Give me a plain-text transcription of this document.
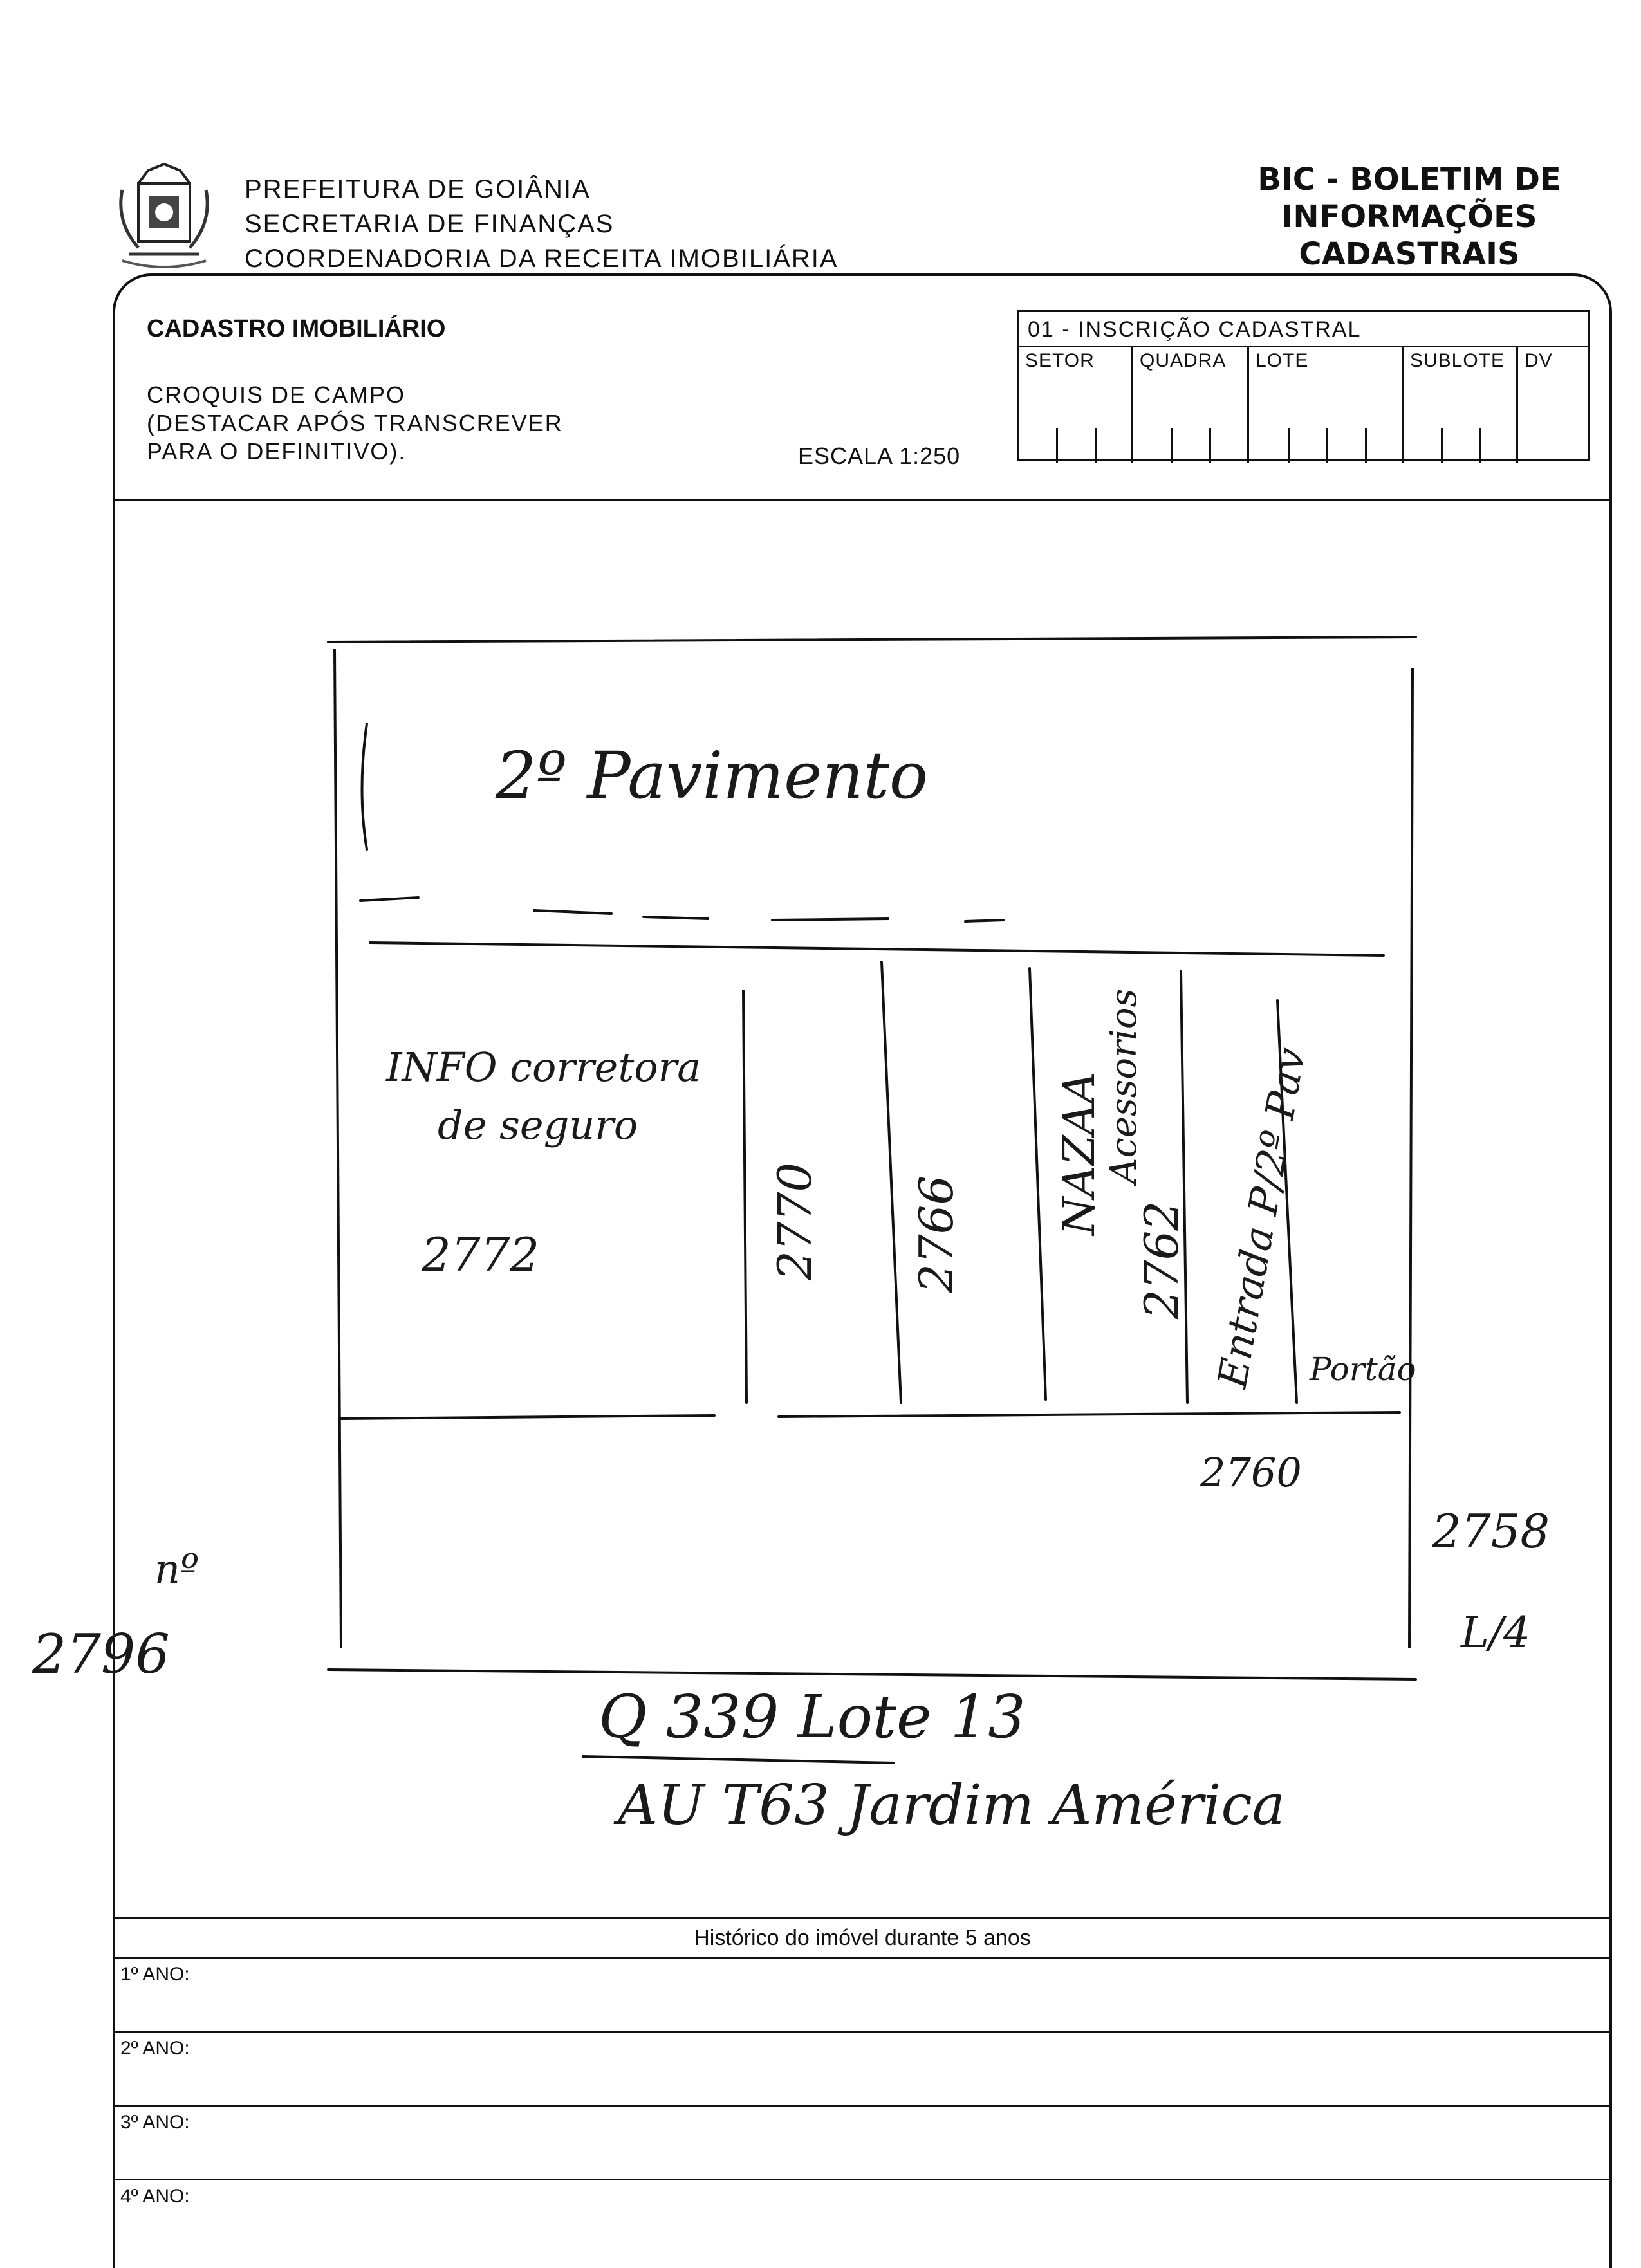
PREFEITURA DE GOIÂNIA
SECRETARIA DE FINANÇAS
COORDENADORIA DA RECEITA IMOBILIÁRIA
BIC - BOLETIM DE
INFORMAÇÕES CADASTRAIS
CADASTRO IMOBILIÁRIO
CROQUIS DE CAMPO
(DESTACAR APÓS TRANSCREVER
PARA O DEFINITIVO).	ESCALA 1:250
01 - INSCRIÇÃO CADASTRAL
SETOR QUADRA LOTE	SUBLOTE DV
2º Pavimento
INFO corretora
de seguro
2772	2770 2766 NAZAA
Acessorios
2762 Entrada P/2º Pav
Portão
2760
2758
L/4
nº
2796
Q 339 Lote 13
AU T63 Jardim América
Histórico do imóvel durante 5 anos
1º ANO:
2º ANO:
3º ANO:
4º ANO:
